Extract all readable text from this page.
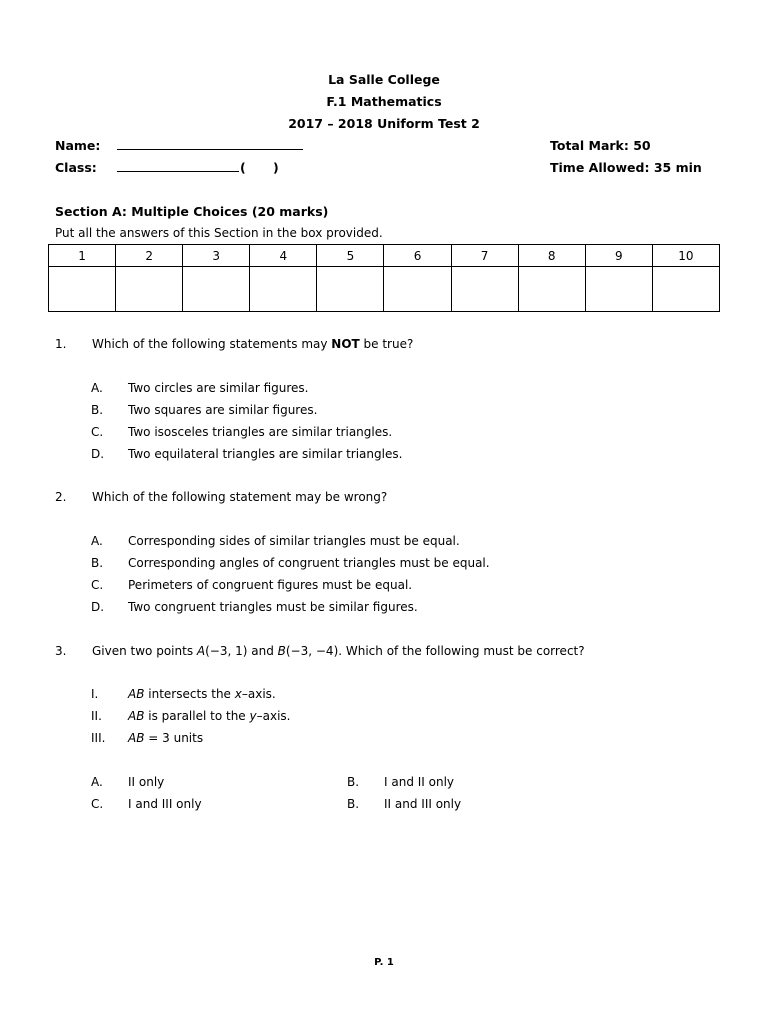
La Salle College
F.1 Mathematics
2017 – 2018 Uniform Test 2
Name:	Total Mark: 50
Class:	( )	Time Allowed: 35 min
Section A: Multiple Choices (20 marks)
Put all the answers of this Section in the box provided.
1	2	3	4	5	6	7	8	9	10

1. Which of the following statements may NOT be true?
A. Two circles are similar figures.
B. Two squares are similar figures.
C. Two isosceles triangles are similar triangles.
D. Two equilateral triangles are similar triangles.
2. Which of the following statement may be wrong?
A. Corresponding sides of similar triangles must be equal.
B. Corresponding angles of congruent triangles must be equal.
C. Perimeters of congruent figures must be equal.
D. Two congruent triangles must be similar figures.
3. Given two points A(−3, 1) and B(−3, −4). Which of the following must be correct?
I. AB intersects the x–axis.
II. AB is parallel to the y–axis.
III. AB = 3 units
A. II only	B. I and II only
C. I and III only	B. II and III only
P. 1
